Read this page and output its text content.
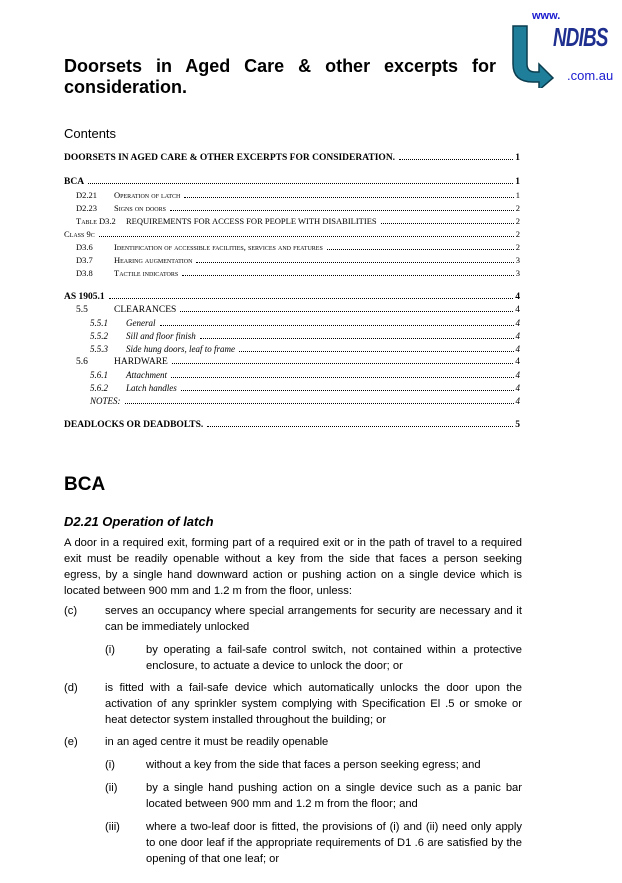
www.
NDIBS
.com.au
Doorsets in Aged Care & other excerpts for consideration.
Contents
DOORSETS IN AGED CARE & OTHER EXCERPTS FOR CONSIDERATION.	1
BCA	1
D2.21 Operation of latch	1
D2.23 Signs on doors	2
Table D3.2 REQUIREMENTS FOR ACCESS FOR PEOPLE WITH DISABILITIES	2
Class 9c	2
D3.6 Identification of accessible facilities, services and features	2
D3.7 Hearing augmentation	3
D3.8 Tactile indicators	3
AS 1905.1	4
5.5	CLEARANCES	4
5.5.1 General	4
5.5.2 Sill and floor finish	4
5.5.3 Side hung doors, leaf to frame	4
5.6	HARDWARE	4
5.6.1 Attachment	4
5.6.2 Latch handles	4
NOTES:	4
DEADLOCKS OR DEADBOLTS.	5
BCA
D2.21 Operation of latch

A door in a required exit, forming part of a required exit or in the path of travel to a required exit must be readily openable without a key from the side that faces a person seeking egress, by a single hand downward action or pushing action on a single device which is located between 900 mm and 1.2 m from the floor, unless:

(c) serves an occupancy where special arrangements for security are necessary and it can be immediately unlocked
(i)	by operating a fail-safe control switch, not contained within a protective enclosure, to actuate a device to unlock the door; or
(d) is fitted with a fail-safe device which automatically unlocks the door upon the activation of any sprinkler system complying with Specification El .5 or smoke or heat detector system installed throughout the building; or
(e) in an aged centre it must be readily openable
(i)	without a key from the side that faces a person seeking egress; and
(ii)	by a single hand pushing action on a single device such as a panic bar located between 900 mm and 1.2 m from the floor; and
(iii) where a two-leaf door is fitted, the provisions of (i) and (ii) need only apply to one door leaf if the appropriate requirements of D1 .6 are satisfied by the opening of that one leaf; or
